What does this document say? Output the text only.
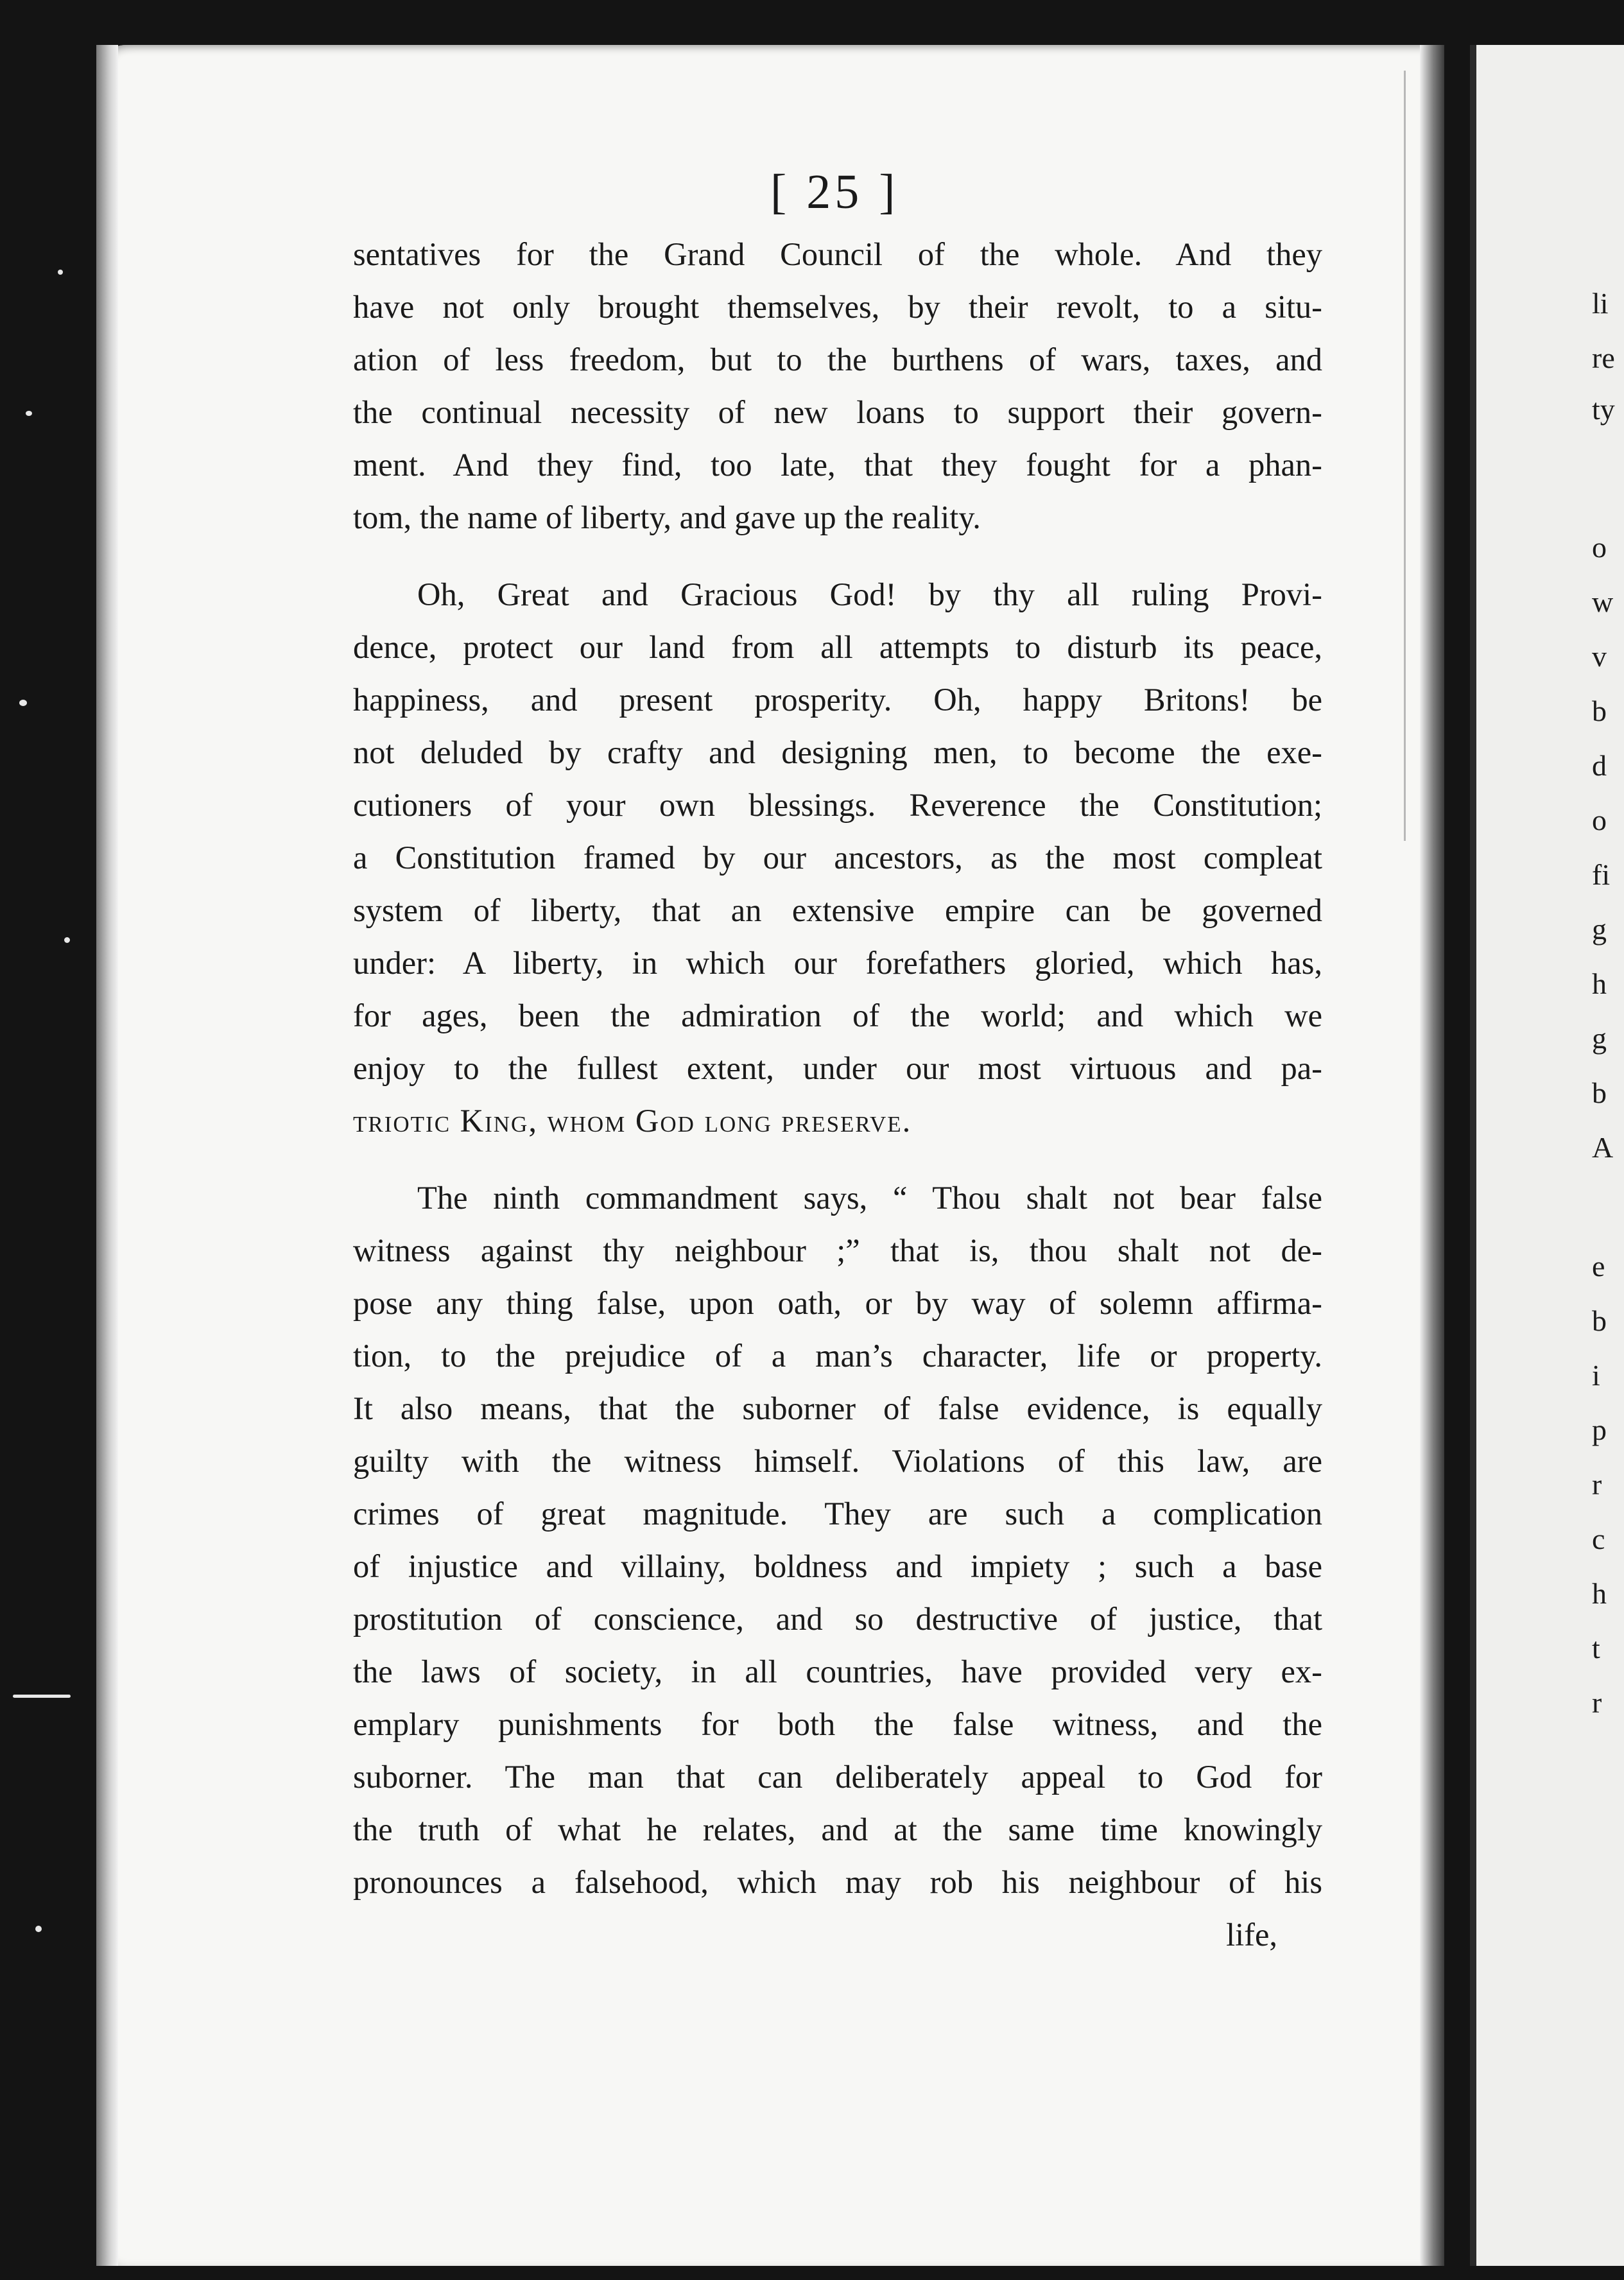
li
re
ty
o
w
v
b
d
o
fi
g
h
g
b
A
e
b
i
p
r
c
h
t
r
[ 25 ]
sentatives for the Grand Council of the whole. And they
have not only brought themselves, by their revolt, to a situ-
ation of less freedom, but to the burthens of wars, taxes, and
the continual necessity of new loans to support their govern-
ment. And they find, too late, that they fought for a phan-
tom, the name of liberty, and gave up the reality.
Oh, Great and Gracious God! by thy all ruling Provi-
dence, protect our land from all attempts to disturb its peace,
happiness, and present prosperity. Oh, happy Britons! be
not deluded by crafty and designing men, to become the exe-
cutioners of your own blessings. Reverence the Constitution;
a Constitution framed by our ancestors, as the most compleat
system of liberty, that an extensive empire can be governed
under: A liberty, in which our forefathers gloried, which has,
for ages, been the admiration of the world; and which we
enjoy to the fullest extent, under our most virtuous and pa-
triotic King, whom God long preserve.
The ninth commandment says, “ Thou shalt not bear false
witness against thy neighbour ;” that is, thou shalt not de-
pose any thing false, upon oath, or by way of solemn affirma-
tion, to the prejudice of a man’s character, life or property.
It also means, that the suborner of false evidence, is equally
guilty with the witness himself. Violations of this law, are
crimes of great magnitude. They are such a complication
of injustice and villainy, boldness and impiety ; such a base
prostitution of conscience, and so destructive of justice, that
the laws of society, in all countries, have provided very ex-
emplary punishments for both the false witness, and the
suborner. The man that can deliberately appeal to God for
the truth of what he relates, and at the same time knowingly
pronounces a falsehood, which may rob his neighbour of his
life,
